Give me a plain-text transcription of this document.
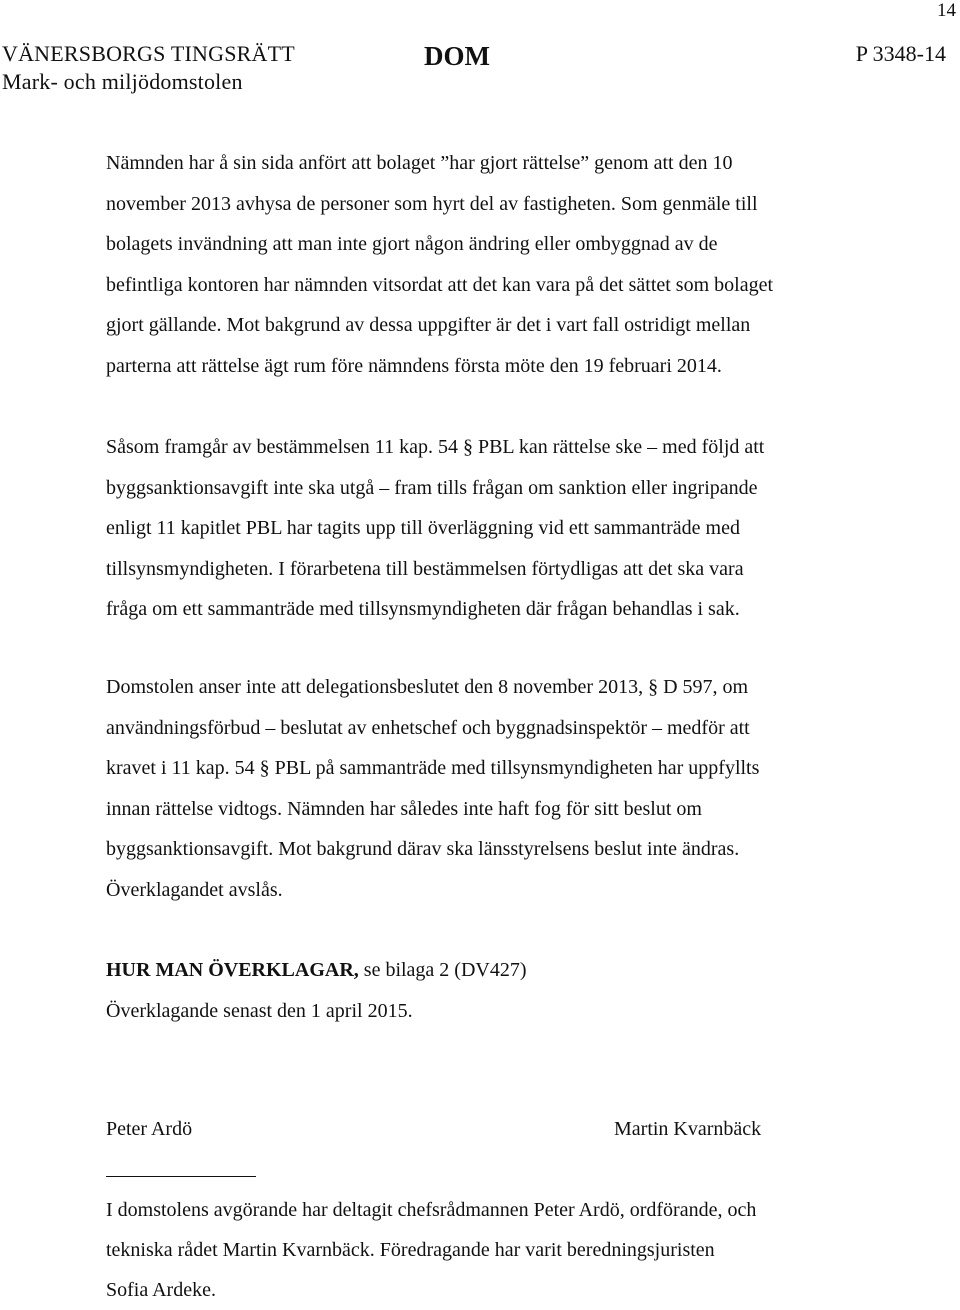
14
VÄNERSBORGS TINGSRÄTT
Mark- och miljödomstolen
DOM	P 3348-14

Nämnden har å sin sida anfört att bolaget ”har gjort rättelse” genom att den 10
november 2013 avhysa de personer som hyrt del av fastigheten. Som genmäle till
bolagets invändning att man inte gjort någon ändring eller ombyggnad av de
befintliga kontoren har nämnden vitsordat att det kan vara på det sättet som bolaget
gjort gällande. Mot bakgrund av dessa uppgifter är det i vart fall ostridigt mellan
parterna att rättelse ägt rum före nämndens första möte den 19 februari 2014.

Såsom framgår av bestämmelsen 11 kap. 54 § PBL kan rättelse ske – med följd att
byggsanktionsavgift inte ska utgå – fram tills frågan om sanktion eller ingripande
enligt 11 kapitlet PBL har tagits upp till överläggning vid ett sammanträde med
tillsynsmyndigheten. I förarbetena till bestämmelsen förtydligas att det ska vara
fråga om ett sammanträde med tillsynsmyndigheten där frågan behandlas i sak.

Domstolen anser inte att delegationsbeslutet den 8 november 2013, § D 597, om
användningsförbud – beslutat av enhetschef och byggnadsinspektör – medför att
kravet i 11 kap. 54 § PBL på sammanträde med tillsynsmyndigheten har uppfyllts
innan rättelse vidtogs. Nämnden har således inte haft fog för sitt beslut om
byggsanktionsavgift. Mot bakgrund därav ska länsstyrelsens beslut inte ändras.
Överklagandet avslås.

HUR MAN ÖVERKLAGAR, se bilaga 2 (DV427)

Överklagande senast den 1 april 2015.

Peter Ardö	Martin Kvarnbäck
I domstolens avgörande har deltagit chefsrådmannen Peter Ardö, ordförande, och
tekniska rådet Martin Kvarnbäck. Föredragande har varit beredningsjuristen
Sofia Ardeke.
